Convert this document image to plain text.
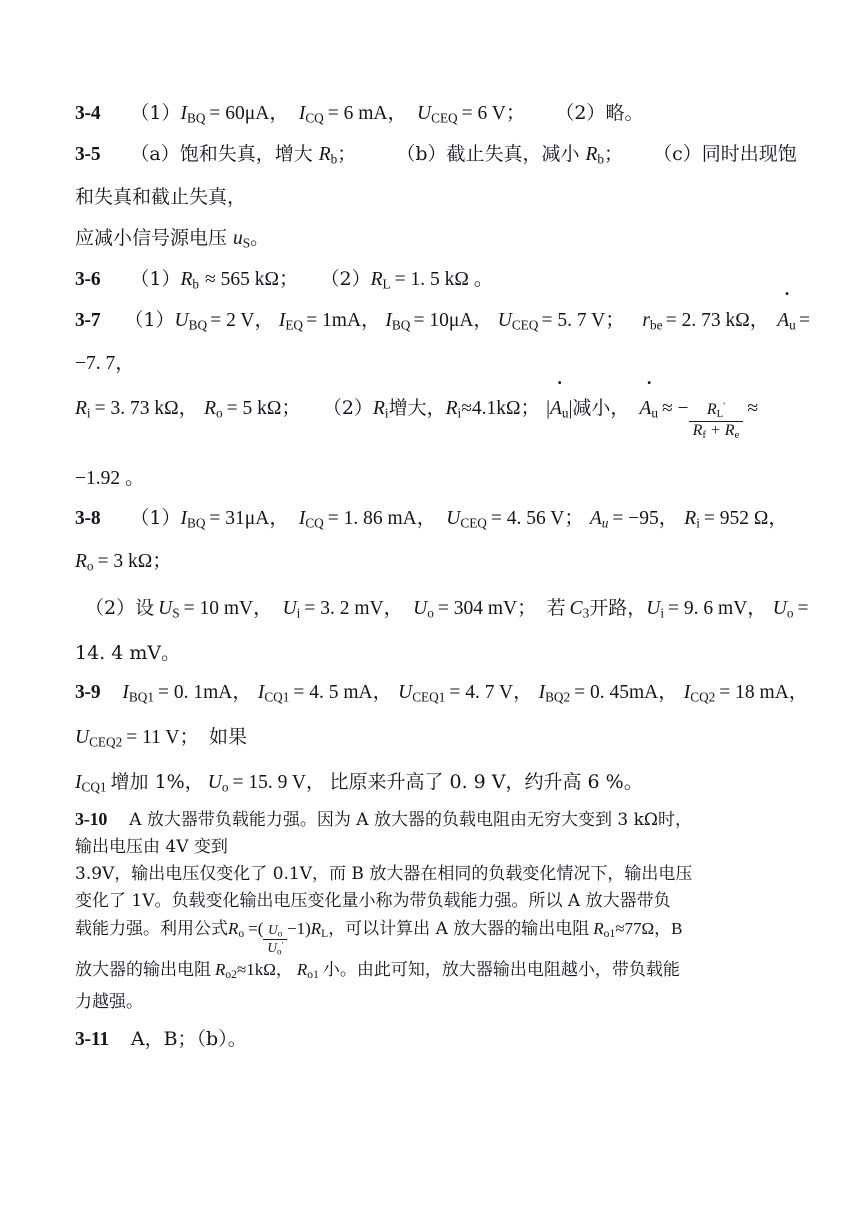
3-4 （1） $I_{BQ} = 60\mu A$， $I_{CQ} = 6$ mA， $U_{CEQ} = 6$ V； （2） 略。
3-5 （a） 饱和失真，增大 $R_b$ ； （b） 截止失真，减小 $R_b$ ； （c） 同时出现饱
和失真和截止失真，
应减小信号源电压 $u_S$ 。
3-6 （1） $R_b \approx 565$ kΩ； （2） $R_L = 1$. 5 kΩ 。
3-7 （1） $U_{BQ} = 2$ V， $I_{EQ} = 1mA$， $I_{BQ} = 10\mu A$， $U_{CEQ} = 5$. 7 V； $r_{be} = 2$. 73 kΩ， . $A_u$ =
−7. 7，
$R_i = 3$. 73 kΩ， $R_o = 5$ kΩ； （2） $R_i$ 增大， $R_i \approx 4.1k\Omega$； | . $A_u$ | 减小， . $A_u$ ≈ − $\frac{R_L'}{R_f + R_e}$ ≈
−1.92 。
3-8 （1） $I_{BQ} = 31\mu A$， $I_{CQ} = 1$. 86 mA， $U_{CEQ} = 4$. 56 V； Au = −95， $R_i = 952$ Ω，
$R_o = 3$ kΩ；
（2） 设 $U_S = 10$ mV， $U_i = 3$. 2 mV， $U_o = 304$ mV； 若 $C_3$ 开路， $U_i = 9$. 6 mV， $U_o$ =
14. 4 mV。
3-9 $I_{BQ1} = 0$. 1mA， $I_{CQ1} = 4$. 5 mA， $U_{CEQ1} = 4$. 7 V， $I_{BQ2} = 0$. 45mA， $I_{CQ2} = 18$ mA，
$U_{CEQ2} = 11$ V； 如果
$I_{CQ1}$ 增加 1%， $U_o = 15$. 9 V， 比原来升高了 0. 9 V，约升高 6 %。
3-10 A 放大器带负载能力强。因为 A 放大器的负载电阻由无穷大变到 3 kΩ时，
输出电压由 4V 变到
3.9V，输出电压仅变化了 0.1V，而 B 放大器在相同的负载变化情况下，输出电压
变化了 1V。负载变化输出电压变化量小称为带负载能力强。所以 A 放大器带负
载能力强。利用公式 $R_o$ =( $\frac{U_o}{U_o'} -1$) $R_L$ ，可以计算出 A 放大器的输出电阻 $R_{o1} \approx 77\Omega$，B
放大器的输出电阻 $R_{o2} \approx 1k\Omega$， $R_{o1}$ 小。由此可知，放大器输出电阻越小，带负载能
力越强。
3-11 A，B；（b）。
